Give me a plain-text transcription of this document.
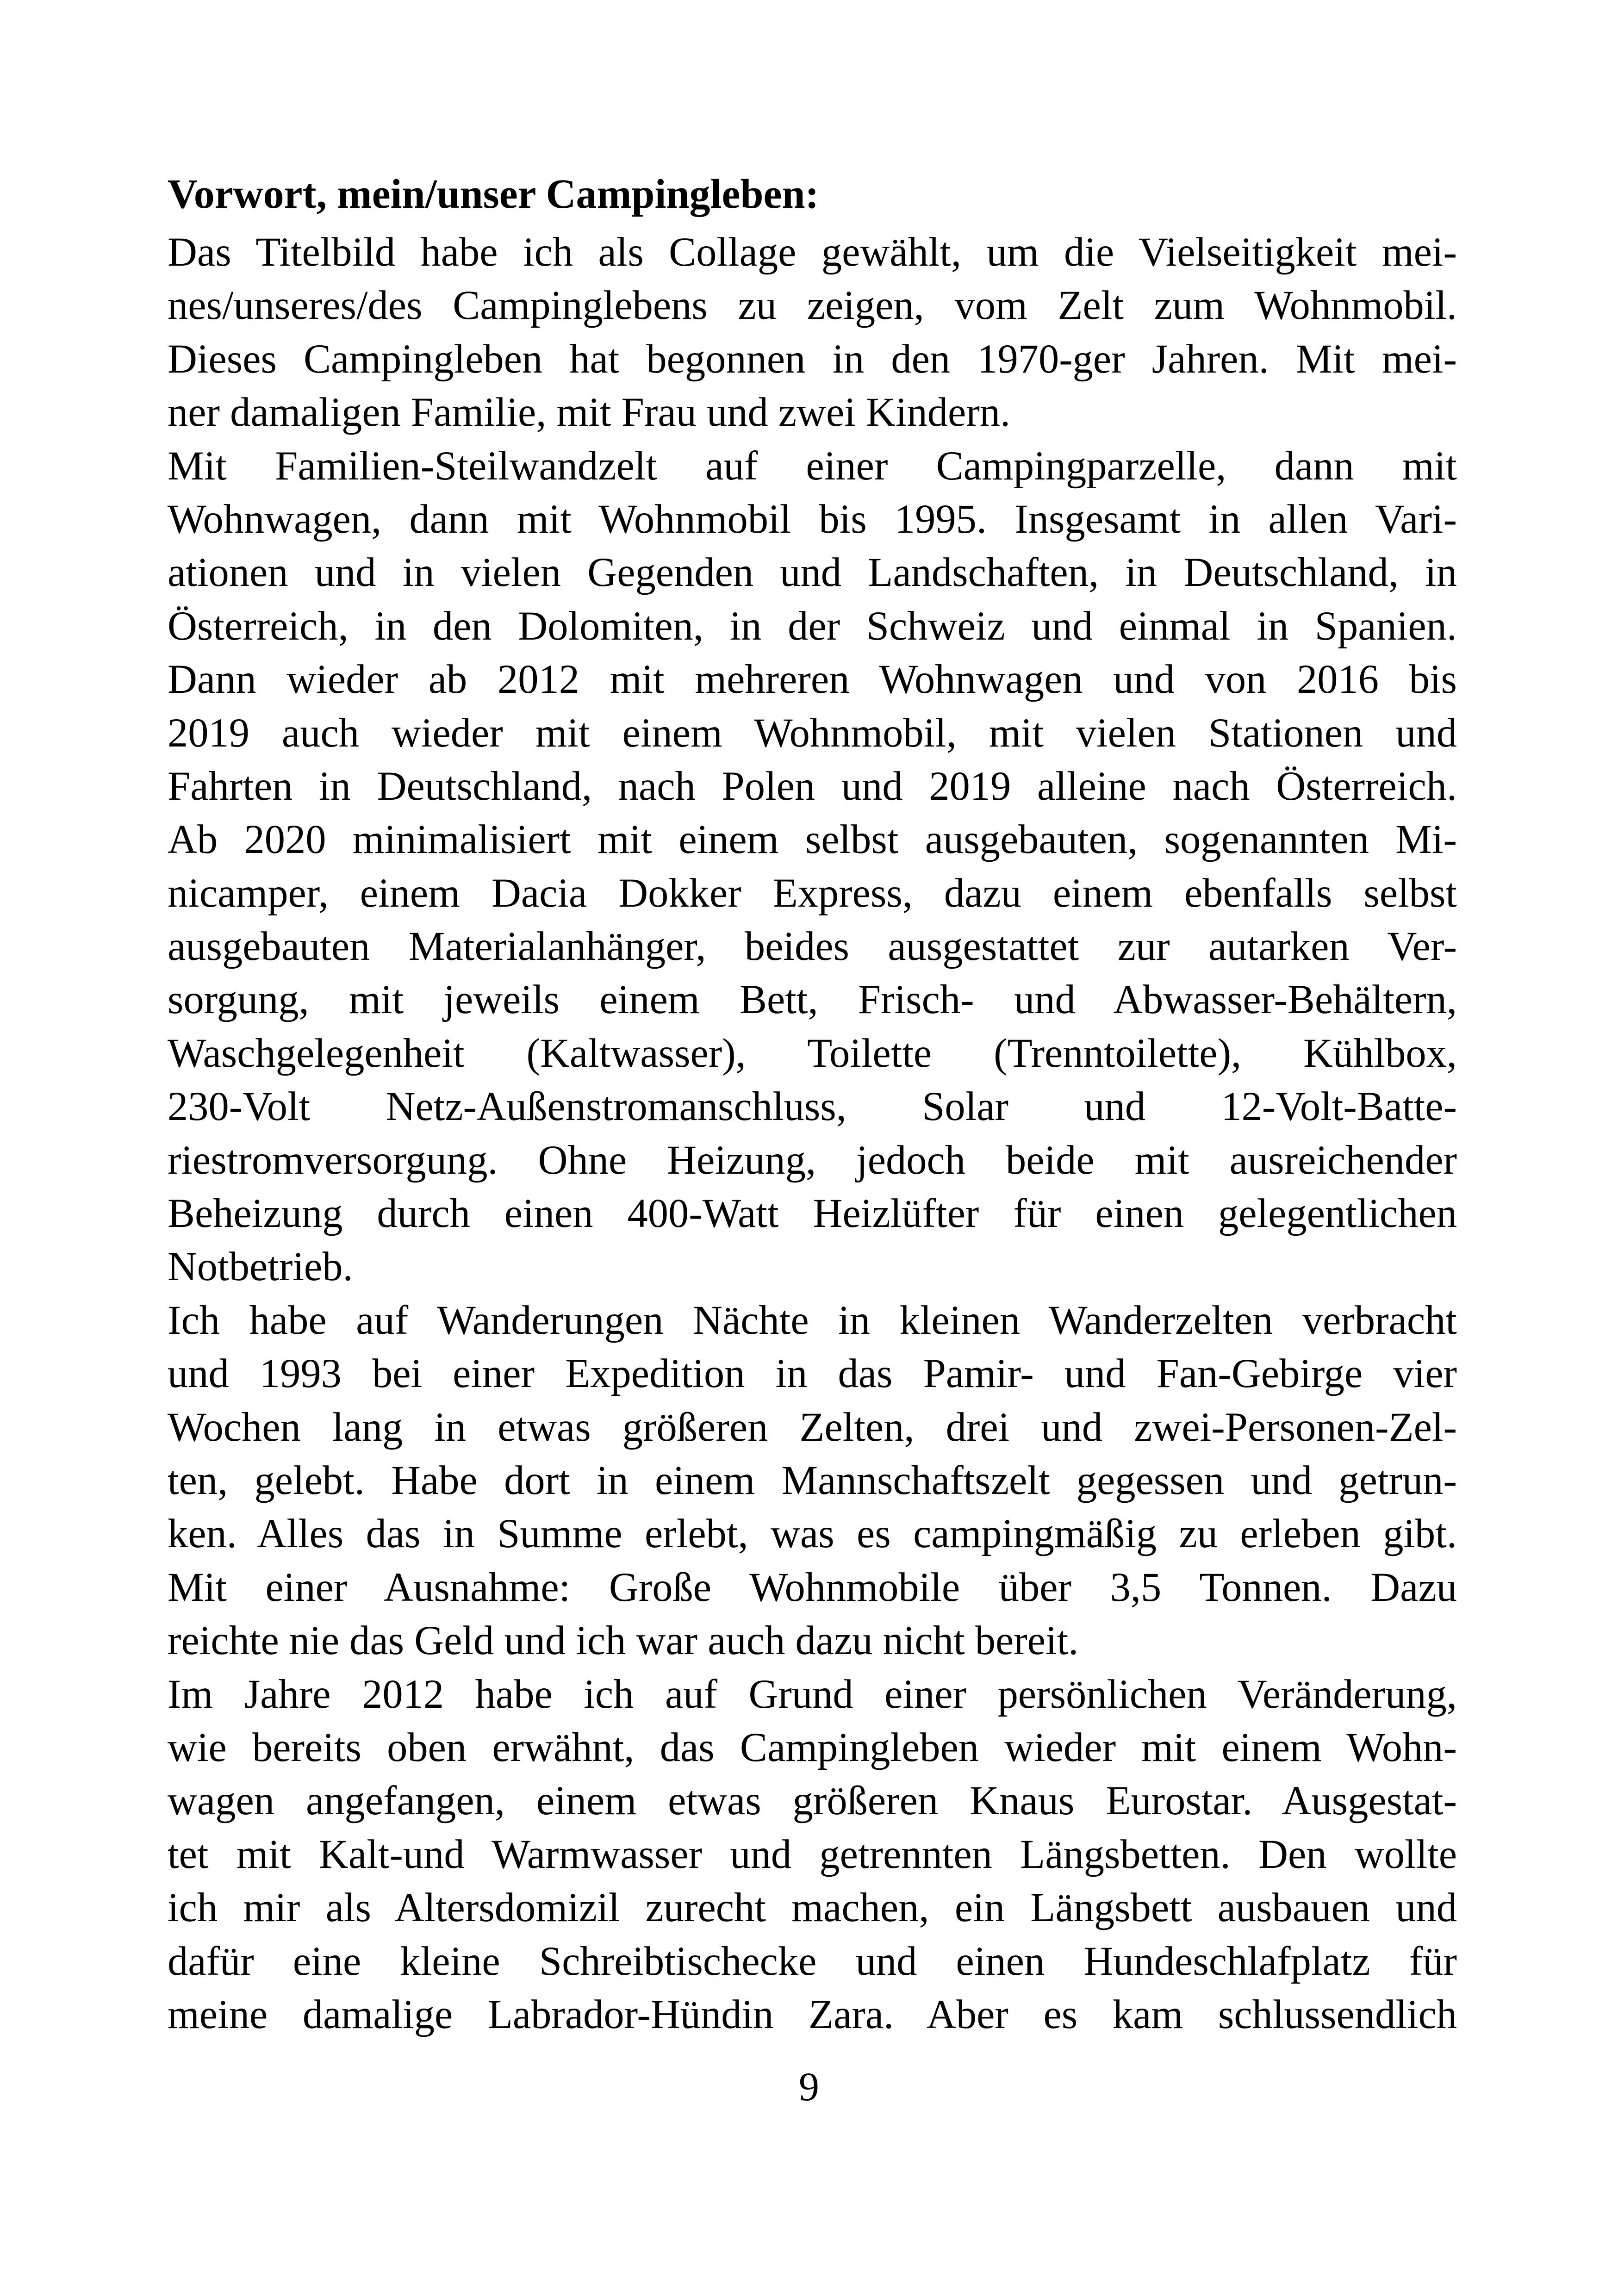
Vorwort, mein/unser Campingleben:
Das Titelbild habe ich als Collage gewählt, um die Vielseitigkeit mei-
nes/unseres/des Campinglebens zu zeigen, vom Zelt zum Wohnmobil.
Dieses Campingleben hat begonnen in den 1970-ger Jahren. Mit mei-
ner damaligen Familie, mit Frau und zwei Kindern.
Mit Familien-Steilwandzelt auf einer Campingparzelle, dann mit
Wohnwagen, dann mit Wohnmobil bis 1995. Insgesamt in allen Vari-
ationen und in vielen Gegenden und Landschaften, in Deutschland, in
Österreich, in den Dolomiten, in der Schweiz und einmal in Spanien.
Dann wieder ab 2012 mit mehreren Wohnwagen und von 2016 bis
2019 auch wieder mit einem Wohnmobil, mit vielen Stationen und
Fahrten in Deutschland, nach Polen und 2019 alleine nach Österreich.
Ab 2020 minimalisiert mit einem selbst ausgebauten, sogenannten Mi-
nicamper, einem Dacia Dokker Express, dazu einem ebenfalls selbst
ausgebauten Materialanhänger, beides ausgestattet zur autarken Ver-
sorgung, mit jeweils einem Bett, Frisch- und Abwasser-Behältern,
Waschgelegenheit (Kaltwasser), Toilette (Trenntoilette), Kühlbox,
230-Volt Netz-Außenstromanschluss, Solar und 12-Volt-Batte-
riestromversorgung. Ohne Heizung, jedoch beide mit ausreichender
Beheizung durch einen 400-Watt Heizlüfter für einen gelegentlichen
Notbetrieb.
Ich habe auf Wanderungen Nächte in kleinen Wanderzelten verbracht
und 1993 bei einer Expedition in das Pamir- und Fan-Gebirge vier
Wochen lang in etwas größeren Zelten, drei und zwei-Personen-Zel-
ten, gelebt. Habe dort in einem Mannschaftszelt gegessen und getrun-
ken. Alles das in Summe erlebt, was es campingmäßig zu erleben gibt.
Mit einer Ausnahme: Große Wohnmobile über 3,5 Tonnen. Dazu
reichte nie das Geld und ich war auch dazu nicht bereit.
Im Jahre 2012 habe ich auf Grund einer persönlichen Veränderung,
wie bereits oben erwähnt, das Campingleben wieder mit einem Wohn-
wagen angefangen, einem etwas größeren Knaus Eurostar. Ausgestat-
tet mit Kalt-und Warmwasser und getrennten Längsbetten. Den wollte
ich mir als Altersdomizil zurecht machen, ein Längsbett ausbauen und
dafür eine kleine Schreibtischecke und einen Hundeschlafplatz für
meine damalige Labrador-Hündin Zara. Aber es kam schlussendlich
9
